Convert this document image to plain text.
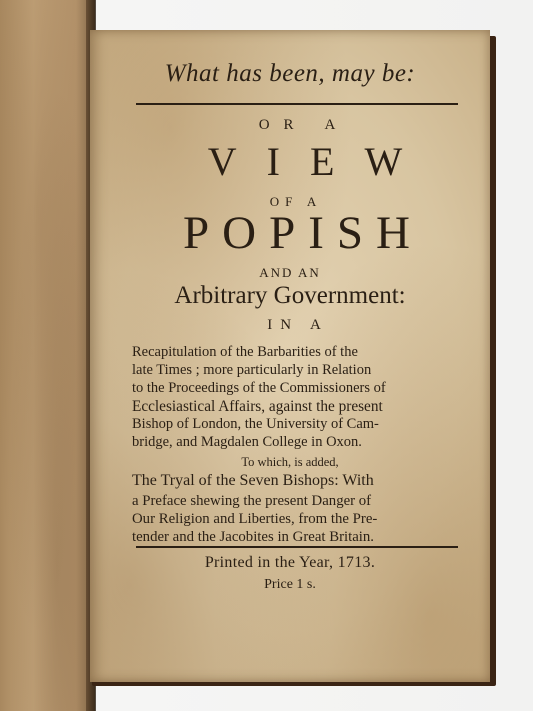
What has been, may be:
OR A
VIEW
OF A
POPISH
AND AN
Arbitrary Government:
IN A
Recapitulation of the Barbarities of the
late Times ; more particularly in Relation
to the Proceedings of the Commissioners of
Ecclesiastical Affairs, against the present
Bishop of London, the University of Cam-
bridge, and Magdalen College in Oxon.
To which, is added,
The Tryal of the Seven Bishops: With
a Preface shewing the present Danger of
Our Religion and Liberties, from the Pre-
tender and the Jacobites in Great Britain.
Printed in the Year, 1713.
Price 1 s.
